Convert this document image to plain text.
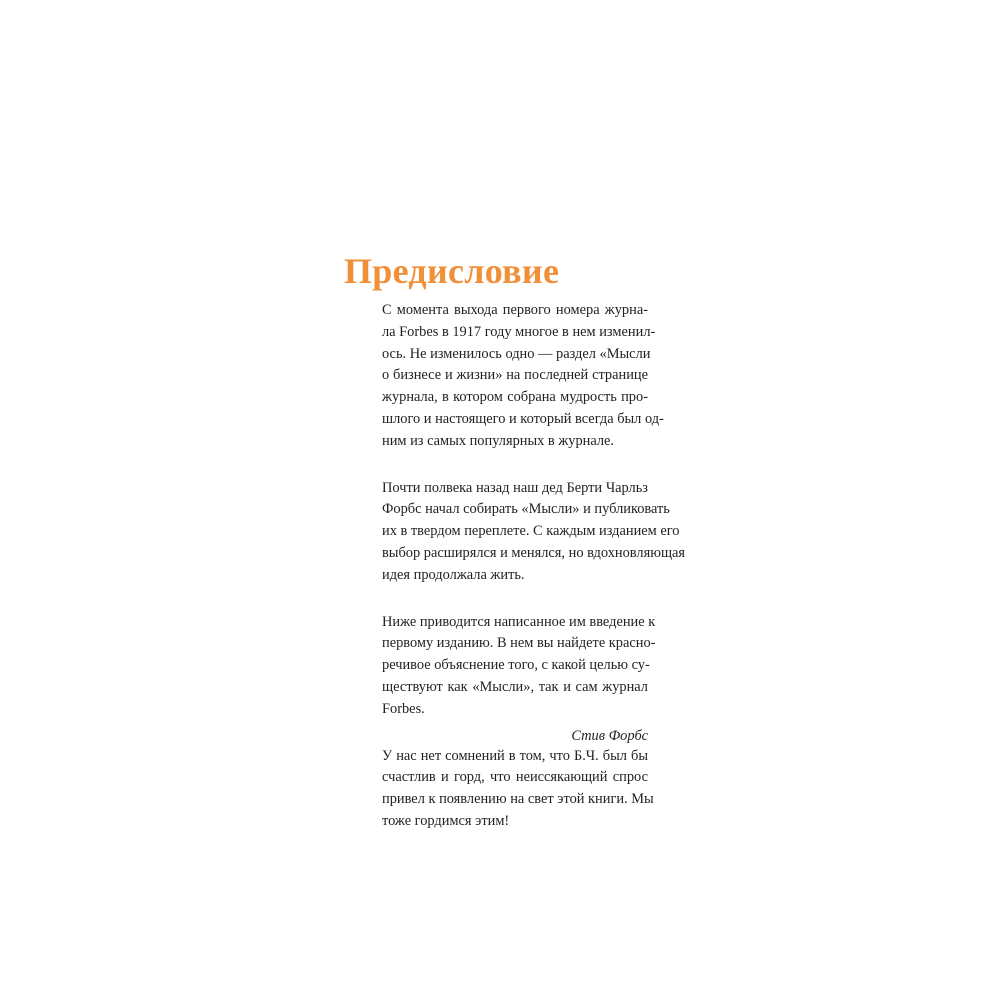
Предисловие
С момента выхода первого номера журна-
ла Forbes в 1917 году многое в нем изменил-
ось. Не изменилось одно — раздел «Мысли
о бизнесе и жизни» на последней странице
журнала, в котором собрана мудрость про-
шлого и настоящего и который всегда был од-
ним из самых популярных в журнале.
Почти полвека назад наш дед Берти Чарльз
Форбс начал собирать «Мысли» и публиковать
их в твердом переплете. С каждым изданием его
выбор расширялся и менялся, но вдохновляющая
идея продолжала жить.
Ниже приводится написанное им введение к
первому изданию. В нем вы найдете красно-
речивое объяснение того, с какой целью су-
ществуют как «Мысли», так и сам журнал
Forbes.
У нас нет сомнений в том, что Б.Ч. был бы
счастлив и горд, что неиссякающий спрос
привел к появлению на свет этой книги. Мы
тоже гордимся этим!
Стив Форбс
